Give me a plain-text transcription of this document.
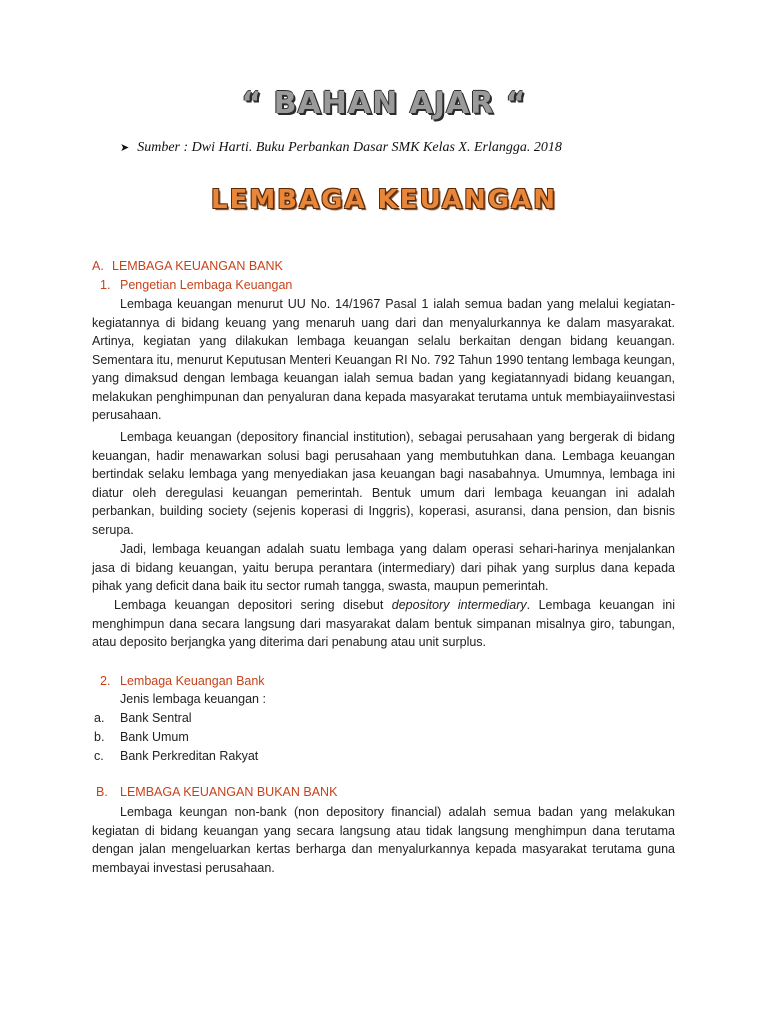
“ BAHAN AJAR “
➤ Sumber : Dwi Harti. Buku Perbankan Dasar SMK Kelas X. Erlangga. 2018
LEMBAGA KEUANGAN
A. LEMBAGA KEUANGAN BANK
1. Pengetian Lembaga Keuangan
Lembaga keuangan menurut UU No. 14/1967 Pasal 1 ialah semua badan yang melalui kegiatan-kegiatannya di bidang keuang yang menaruh uang dari dan menyalurkannya ke dalam masyarakat. Artinya, kegiatan yang dilakukan lembaga keuangan selalu berkaitan dengan bidang keuangan. Sementara itu, menurut Keputusan Menteri Keuangan RI No. 792 Tahun 1990 tentang lembaga keungan, yang dimaksud dengan lembaga keuangan ialah semua badan yang kegiatannyadi bidang keuangan, melakukan penghimpunan dan penyaluran dana kepada masyarakat terutama untuk membiayaiinvestasi perusahaan.
Lembaga keuangan (depository financial institution), sebagai perusahaan yang bergerak di bidang keuangan, hadir menawarkan solusi bagi perusahaan yang membutuhkan dana. Lembaga keuangan bertindak selaku lembaga yang menyediakan jasa keuangan bagi nasabahnya. Umumnya, lembaga ini diatur oleh deregulasi keuangan pemerintah. Bentuk umum dari lembaga keuangan ini adalah perbankan, building society (sejenis koperasi di Inggris), koperasi, asuransi, dana pension, dan bisnis serupa.
Jadi, lembaga keuangan adalah suatu lembaga yang dalam operasi sehari-harinya menjalankan jasa di bidang keuangan, yaitu berupa perantara (intermediary) dari pihak yang surplus dana kepada pihak yang deficit dana baik itu sector rumah tangga, swasta, maupun pemerintah.
Lembaga keuangan depositori sering disebut depository intermediary. Lembaga keuangan ini menghimpun dana secara langsung dari masyarakat dalam bentuk simpanan misalnya giro, tabungan, atau deposito berjangka yang diterima dari penabung atau unit surplus.
2. Lembaga Keuangan Bank
Jenis lembaga keuangan :
a. Bank Sentral
b. Bank Umum
c. Bank Perkreditan Rakyat
B. LEMBAGA KEUANGAN BUKAN BANK
Lembaga keungan non-bank (non depository financial) adalah semua badan yang melakukan kegiatan di bidang keuangan yang secara langsung atau tidak langsung menghimpun dana terutama dengan jalan mengeluarkan kertas berharga dan menyalurkannya kepada masyarakat terutama guna membayai investasi perusahaan.
